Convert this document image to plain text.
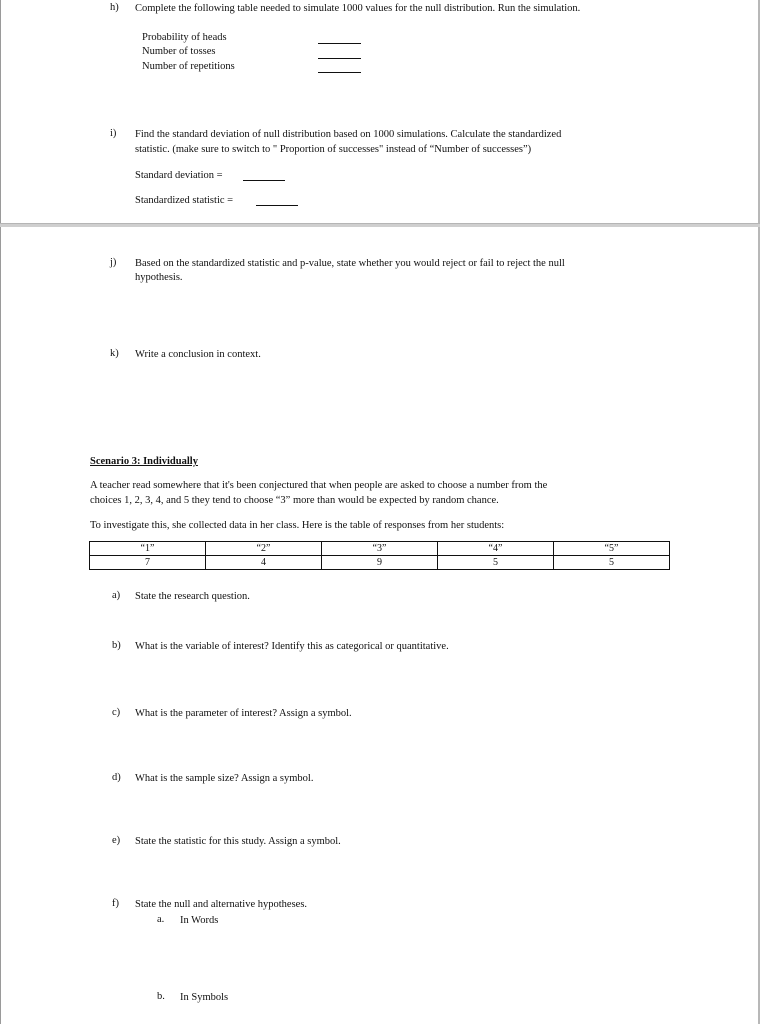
h) Complete the following table needed to simulate 1000 values for the null distribution. Run the simulation.
Probability of heads
Number of tosses
Number of repetitions
i) Find the standard deviation of null distribution based on 1000 simulations. Calculate the standardized
statistic. (make sure to switch to " Proportion of successes" instead of “Number of successes”)
Standard deviation =
Standardized statistic =
j) Based on the standardized statistic and p-value, state whether you would reject or fail to reject the null
hypothesis.
k) Write a conclusion in context.
Scenario 3: Individually
A teacher read somewhere that it's been conjectured that when people are asked to choose a number from the
choices 1, 2, 3, 4, and 5 they tend to choose “3” more than would be expected by random chance.
To investigate this, she collected data in her class. Here is the table of responses from her students:
“1”	“2”	“3”	“4”	“5”
7	4	9	5	5
a) State the research question.
b) What is the variable of interest? Identify this as categorical or quantitative.
c) What is the parameter of interest? Assign a symbol.
d) What is the sample size? Assign a symbol.
e) State the statistic for this study. Assign a symbol.
f) State the null and alternative hypotheses.
a. In Words
b. In Symbols
